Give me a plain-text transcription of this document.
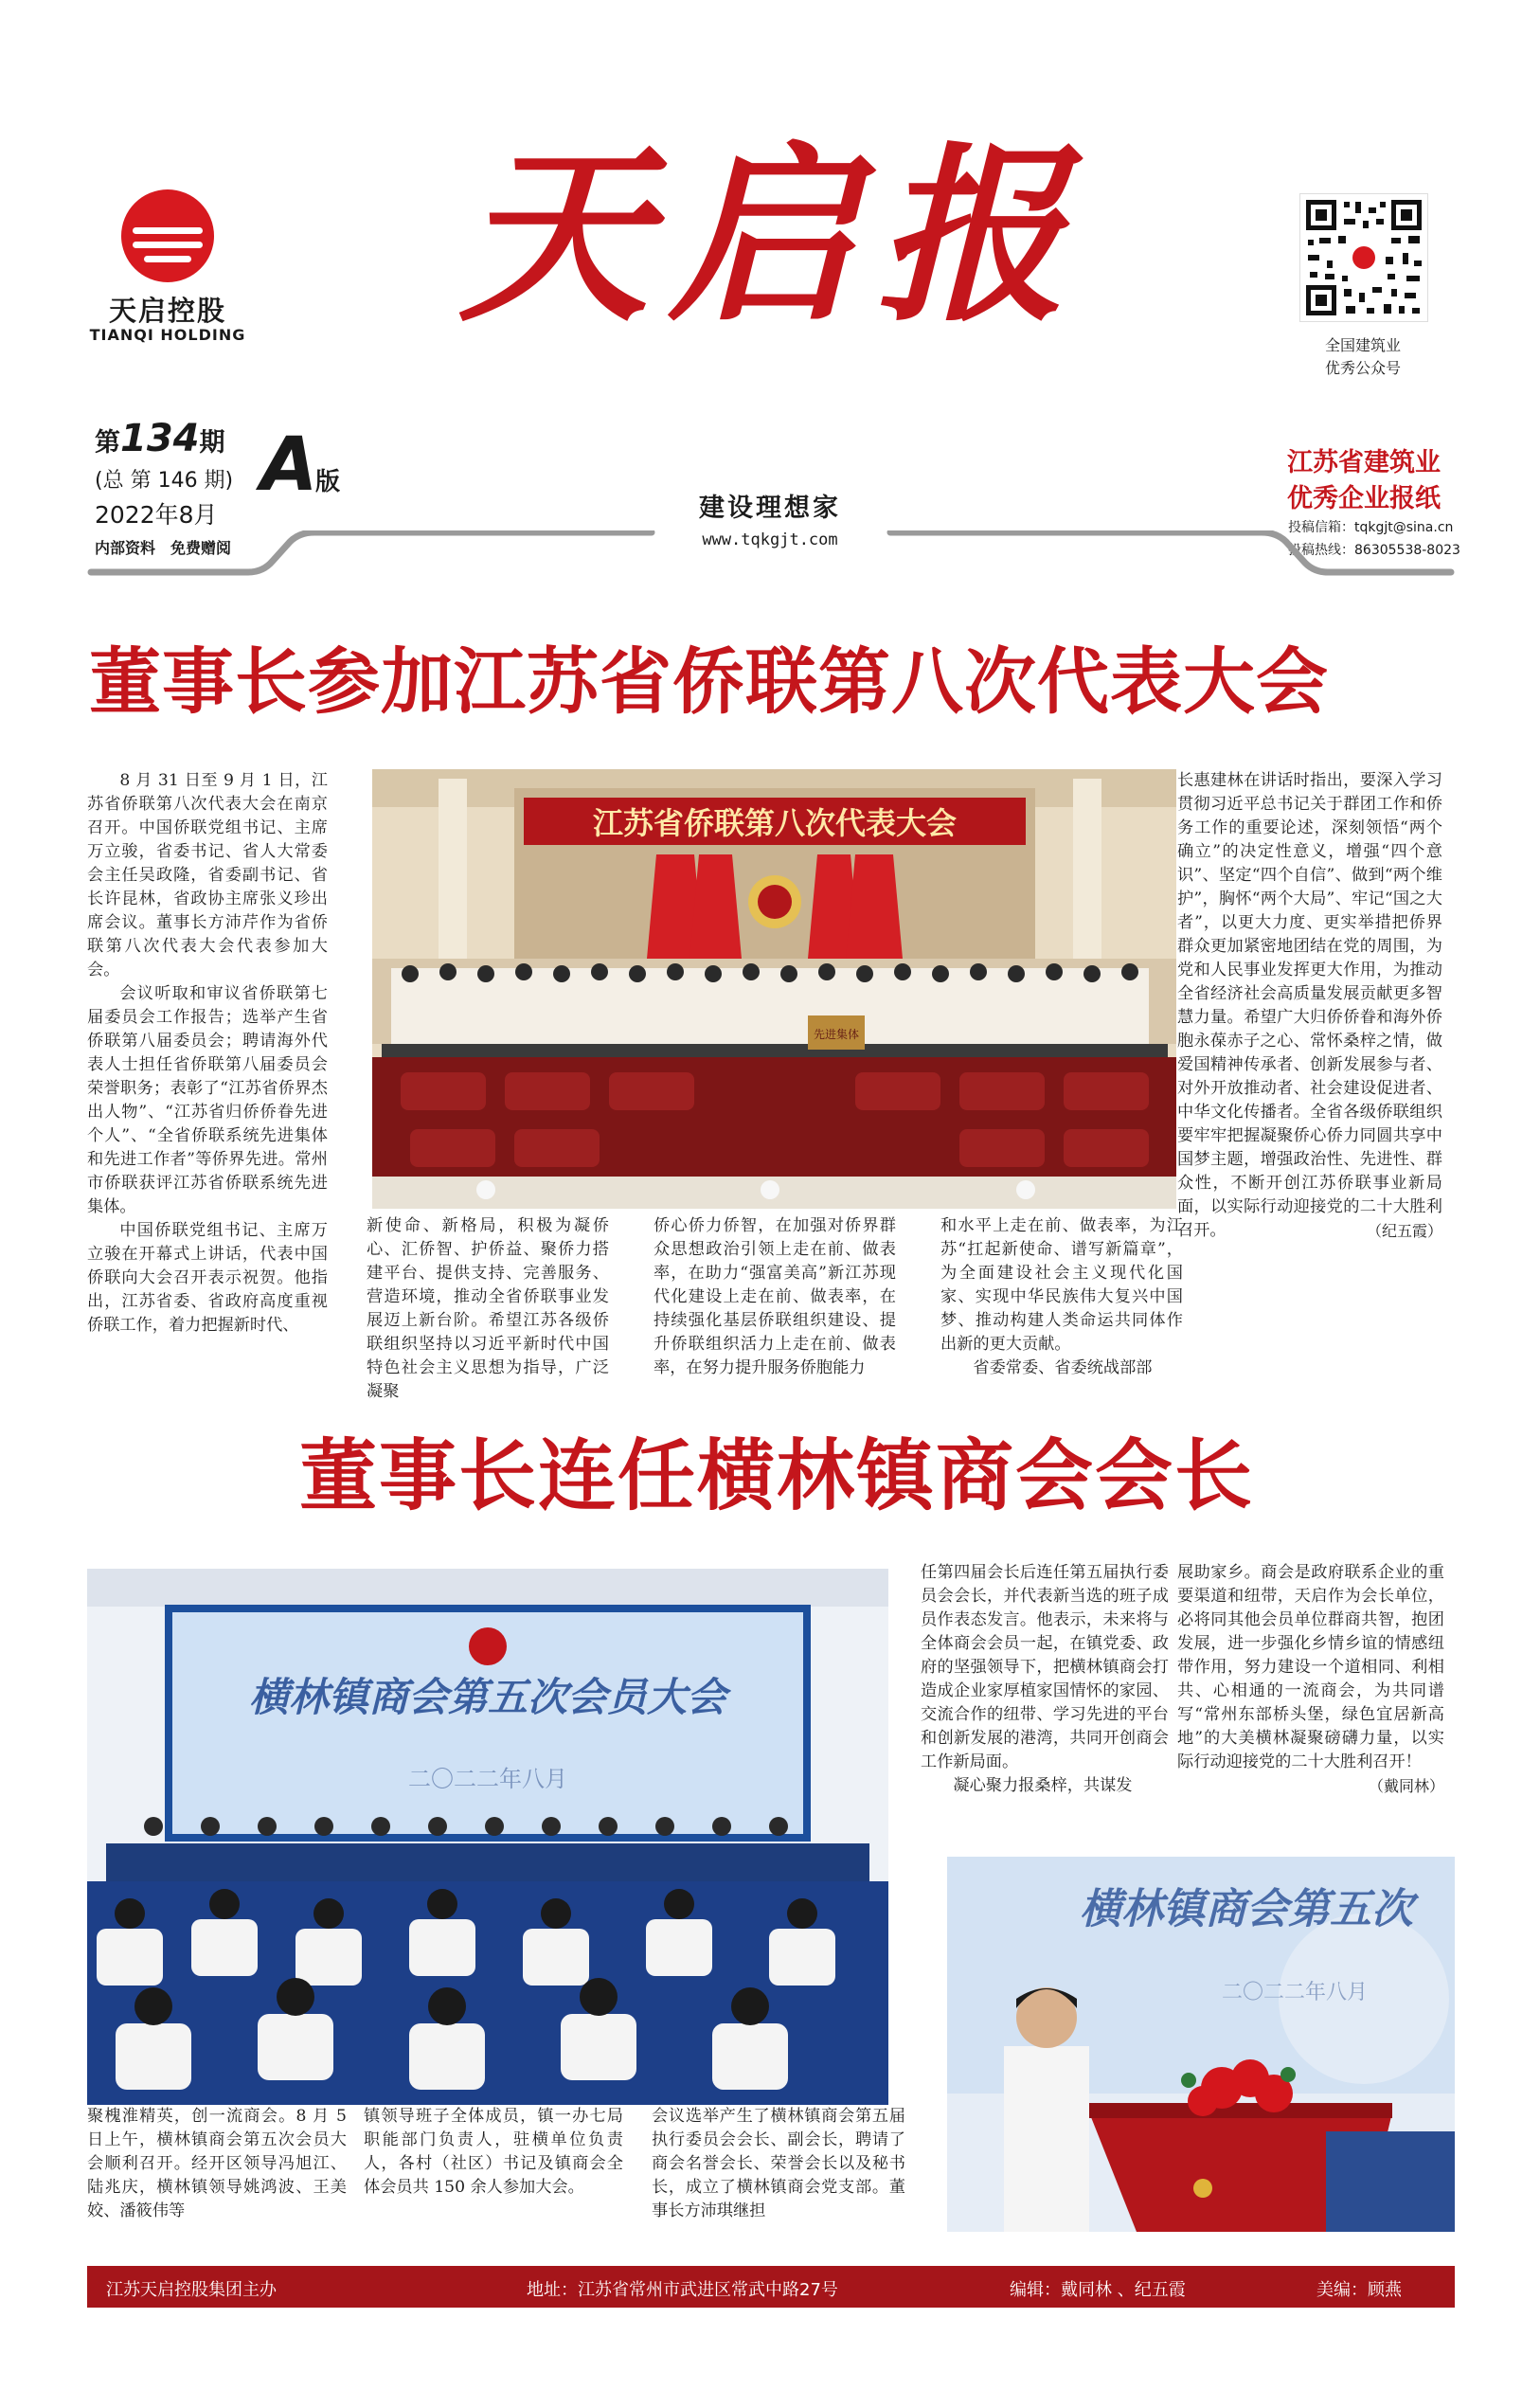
天启控股
TIANQI HOLDING	天启报	全国建筑业
优秀公众号
第134期
(总 第 146 期) A
版
2022年8月
内部资料　免费赠阅
建设理想家
www.tqkgjt.com
江苏省建筑业
优秀企业报纸
投稿信箱：tqkgjt@sina.cn
投稿热线：86305538-8023
董事长参加江苏省侨联第八次代表大会

8 月 31 日至 9 月 1 日，江苏省侨联第八次代表大会在南京召开。中国侨联党组书记、主席万立骏，省委书记、省人大常委会主任吴政隆，省委副书记、省长许昆林，省政协主席张义珍出席会议。董事长方沛芹作为省侨联第八次代表大会代表参加大会。

会议听取和审议省侨联第七届委员会工作报告；选举产生省侨联第八届委员会；聘请海外代表人士担任省侨联第八届委员会荣誉职务；表彰了“江苏省侨界杰出人物”、“江苏省归侨侨眷先进个人”、“全省侨联系统先进集体和先进工作者”等侨界先进。常州市侨联获评江苏省侨联系统先进集体。

中国侨联党组书记、主席万立骏在开幕式上讲话，代表中国侨联向大会召开表示祝贺。他指出，江苏省委、省政府高度重视侨联工作，着力把握新时代、

江苏省侨联第八次代表大会
先进集体
新使命、新格局，积极为凝侨心、汇侨智、护侨益、聚侨力搭建平台、提供支持、完善服务、营造环境，推动全省侨联事业发展迈上新台阶。希望江苏各级侨联组织坚持以习近平新时代中国特色社会主义思想为指导，广泛凝聚
侨心侨力侨智，在加强对侨界群众思想政治引领上走在前、做表率，在助力“强富美高”新江苏现代化建设上走在前、做表率，在持续强化基层侨联组织建设、提升侨联组织活力上走在前、做表率，在努力提升服务侨胞能力
和水平上走在前、做表率，为江苏“扛起新使命、谱写新篇章”，为全面建设社会主义现代化国家、实现中华民族伟大复兴中国梦、推动构建人类命运共同体作出新的更大贡献。

省委常委、省委统战部部

长惠建林在讲话时指出，要深入学习贯彻习近平总书记关于群团工作和侨务工作的重要论述，深刻领悟“两个确立”的决定性意义，增强“四个意识”、坚定“四个自信”、做到“两个维护”，胸怀“两个大局”、牢记“国之大者”，以更大力度、更实举措把侨界群众更加紧密地团结在党的周围，为党和人民事业发挥更大作用，为推动全省经济社会高质量发展贡献更多智慧力量。希望广大归侨侨眷和海外侨胞永葆赤子之心、常怀桑梓之情，做爱国精神传承者、创新发展参与者、对外开放推动者、社会建设促进者、中华文化传播者。全省各级侨联组织要牢牢把握凝聚侨心侨力同圆共享中国梦主题，增强政治性、先进性、群众性，不断开创江苏侨联事业新局面，以实际行动迎接党的二十大胜利召开。	（纪五霞）
董事长连任横林镇商会会长
横林镇商会第五次会员大会
二〇二二年八月
任第四届会长后连任第五届执行委员会会长，并代表新当选的班子成员作表态发言。他表示，未来将与全体商会会员一起，在镇党委、政府的坚强领导下，把横林镇商会打造成企业家厚植家国情怀的家园、交流合作的纽带、学习先进的平台和创新发展的港湾，共同开创商会工作新局面。

凝心聚力报桑梓，共谋发

展助家乡。商会是政府联系企业的重要渠道和纽带，天启作为会长单位，必将同其他会员单位群商共智，抱团发展，进一步强化乡情乡谊的情感纽带作用，努力建设一个道相同、利相共、心相通的一流商会，为共同谱写“常州东部桥头堡，绿色宜居新高地”的大美横林凝聚磅礴力量，以实际行动迎接党的二十大胜利召开！
（戴同林）
横林镇商会第五次
二〇二二年八月
聚槐淮精英，创一流商会。8 月 5 日上午，横林镇商会第五次会员大会顺利召开。经开区领导冯旭江、陆兆庆，横林镇领导姚鸿波、王美姣、潘筱伟等
镇领导班子全体成员，镇一办七局职能部门负责人，驻横单位负责人，各村（社区）书记及镇商会全体会员共 150 余人参加大会。
会议选举产生了横林镇商会第五届执行委员会会长、副会长，聘请了商会名誉会长、荣誉会长以及秘书长，成立了横林镇商会党支部。董事长方沛琪继担
江苏天启控股集团主办	地址：江苏省常州市武进区常武中路27号	编辑：戴同林 、纪五霞	美编：顾燕
